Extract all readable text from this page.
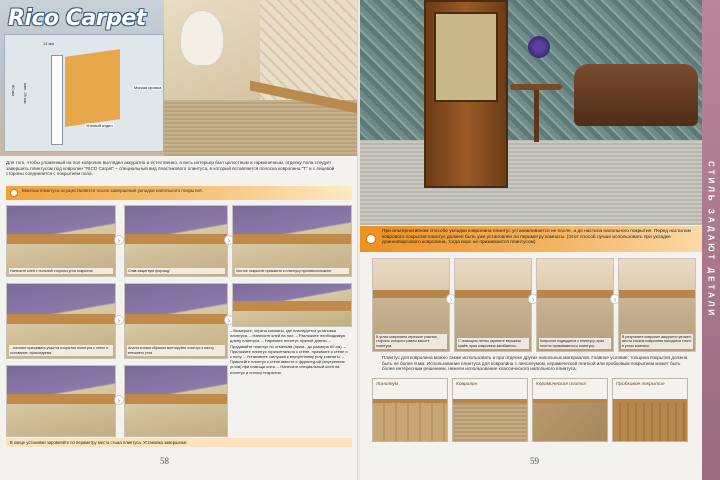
14 мм
80 мм мин. 35 мм	Мягкая кромка
Угловой отдел
Rico Carpet

Для того, чтобы уложенный на пол ковролин выглядел аккуратно и естественно, а весь интерьер был целостным и гармоничным, отделку пола следует завершить плинтусом под ковролин "RICO Carpet" – специальный вид пластикового плинтуса, в который вставляется полоска ковролина "Т" и с лицевой стороны соединяется с покрытием пола.

Монтаж плинтуса осуществляется после завершения укладки напольного покрытия.
Нанесите клей с тыльной стороны угла покрытия
›
Сняв защитную форзацу
›
Чистое покрытие прижмите к плинтусу противоположное
...начните прижимать участок покрытия плинтуса к стене и основание, присоединяя
›
Аналогичным образом монтируйте плинтус к месту внешнего угла
›
›

– Вымерьте, черкни комнаты, где планируется установка плинтуса. – Нанесите клей на пол. – Разложите необходимую длину плинтуса. – Нарежьте плинтус нужной длины. – Продавайте плинтус по отметкам (прим., до размера 60 см). – Приложите плинтус горизонтально к стене, прижмите к стене и к полу. – Установите заглушки к внутреннему углу комнаты. – Приклейте плинтус к стене вместе с фурнитурой (внутренних углов) при помощи клея. – Нанесите специальный клей на плинтус и полосу покрытия.

В конце установки заровняйте по периметру места стыка плинтуса. Установка завершена!
58
При альтернативном способе укладки ковролина плинтус устанавливается не после, а до настила напольного покрытия. Перед настилом коврового покрытия плинтус должен быть уже установлен по периметру комнаты. (Этот способ лучше использовать при укладке длинноворсового ковролина, тогда ворс не прижимается плинтусом)
В углах ковролина отрежьте участки, стороны которого равны высоте плинтуса.
›
С помощью ленты скрепите вершины краёв, края ковролина загибаются...
›
Ковролин подводится к плинтусу, края плотно прижимаются к плинтусу.
›
В результате ковролин аккуратно уложен, места стыков ковролина находятся точно в углах комнаты.

Плинтус для ковролина можно также использовать и при отделке других напольных материалов. Главное условие: толщина покрытия должна быть не более 8 мм. Использование плинтуса для ковролина с линолеумом, керамической плиткой или пробковым покрытием может быть более интересным решением, нежели использование классического напольного плинтуса.

Линолеум	Ковролин	Керамическая плитка	Пробковое покрытие
59
СТИЛЬ ЗАДАЮТ ДЕТАЛИ
